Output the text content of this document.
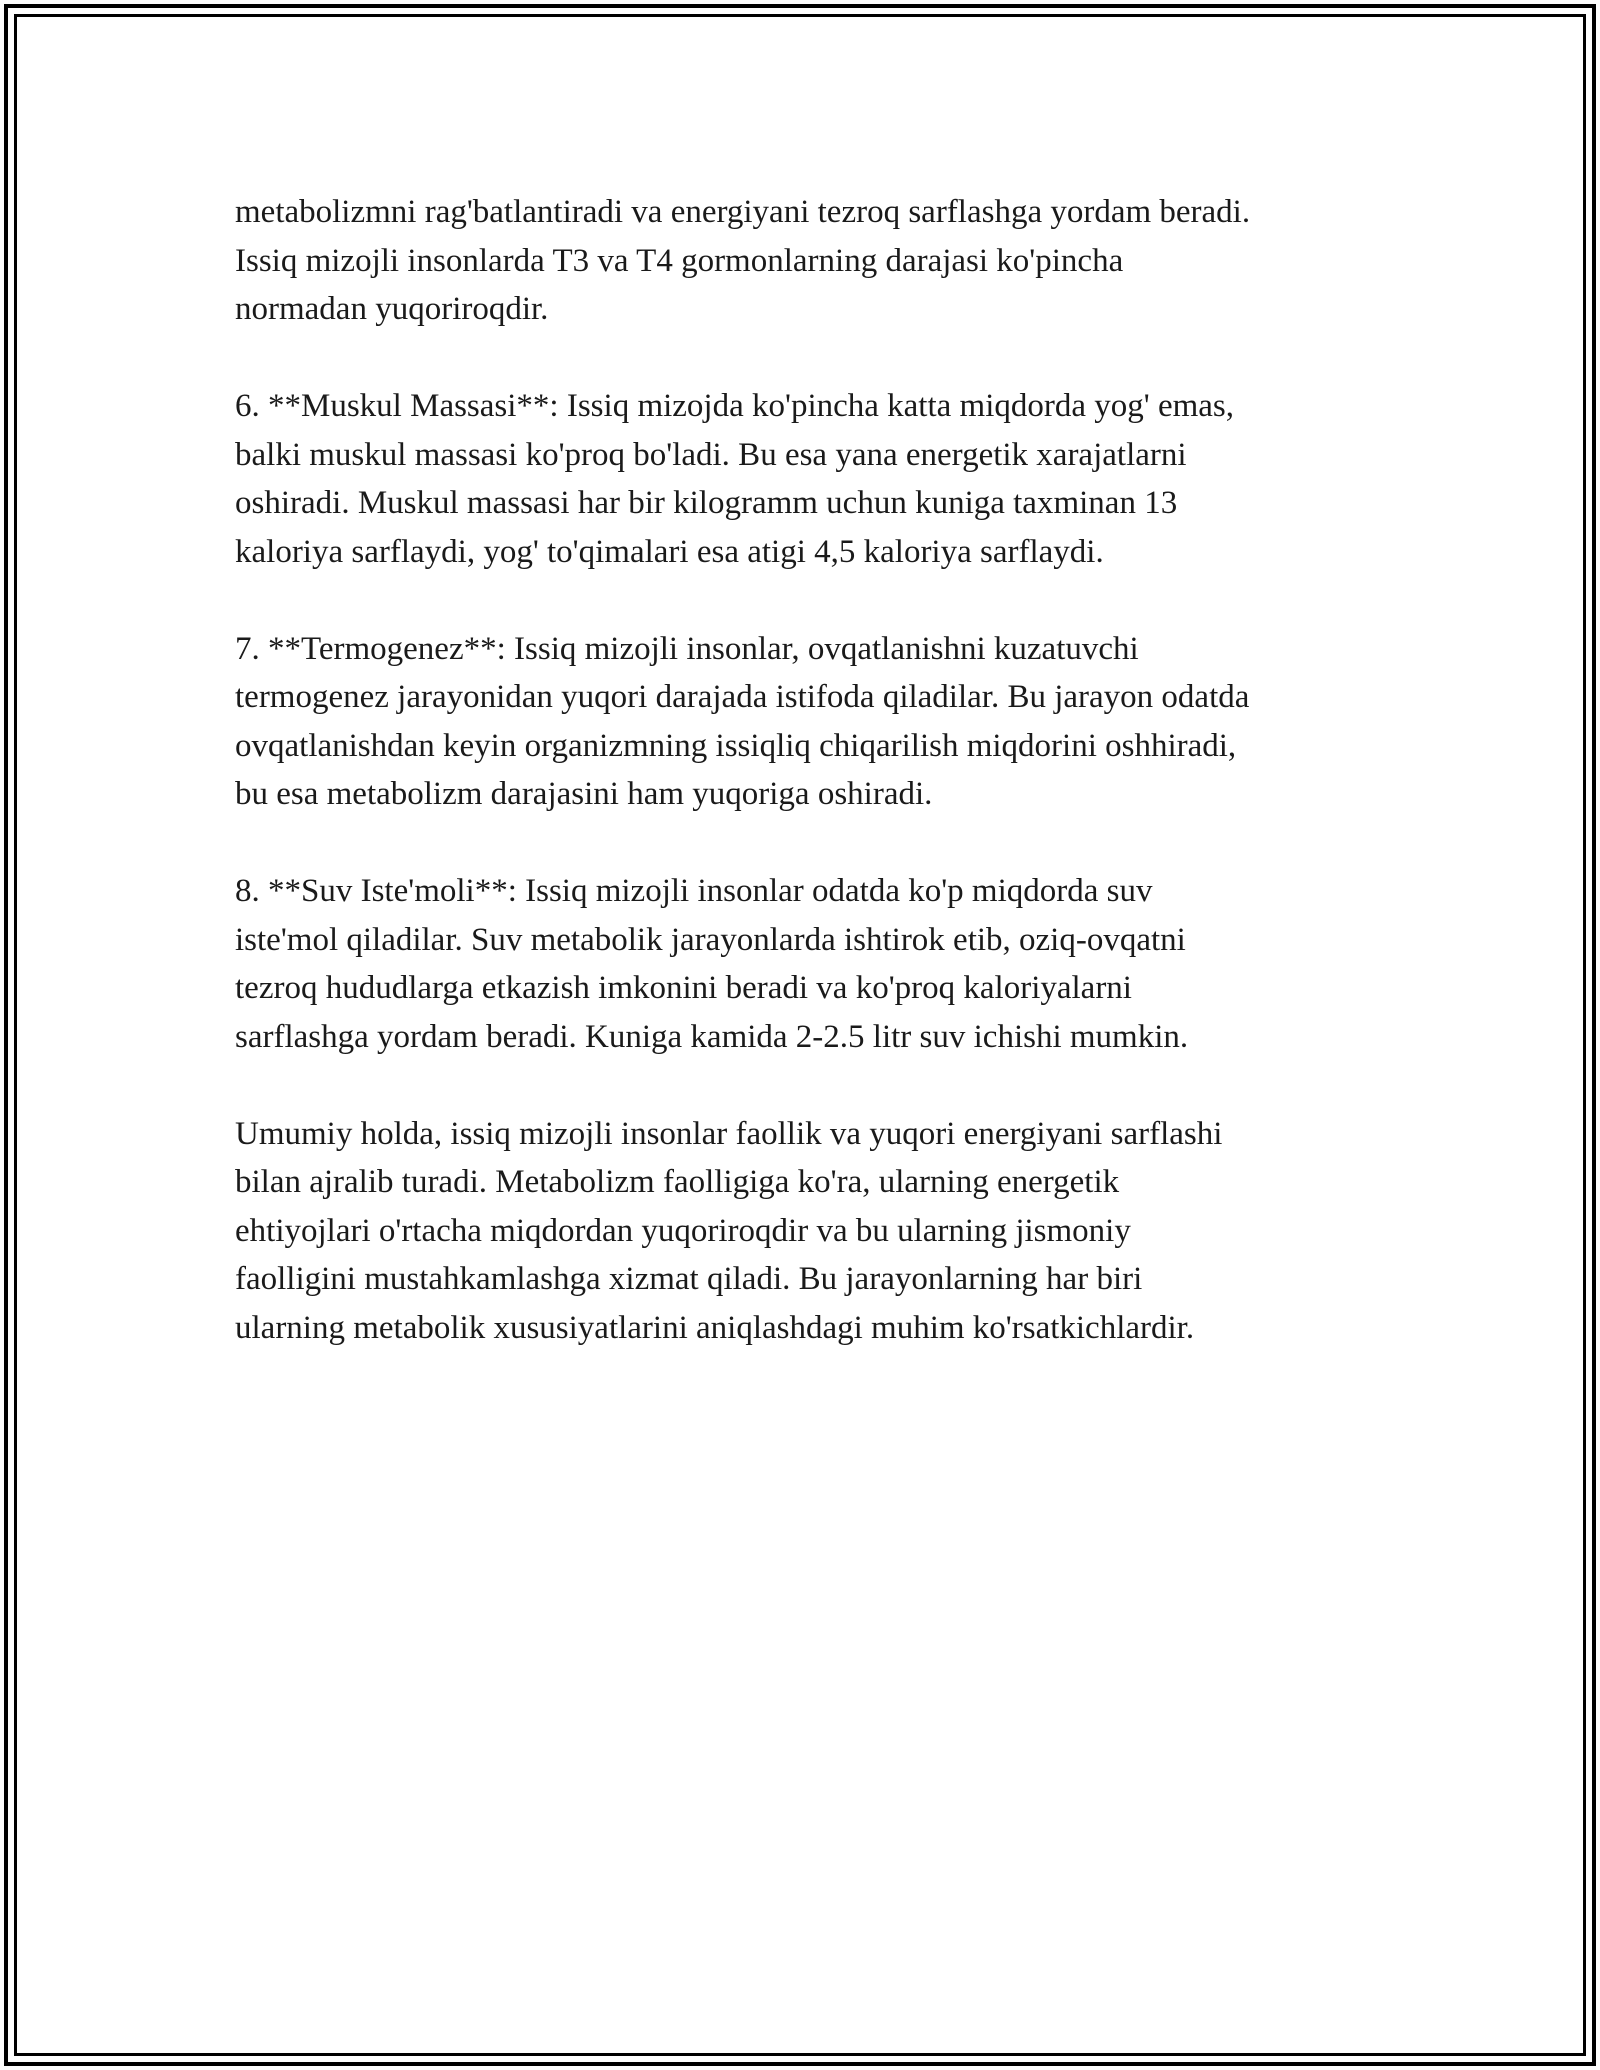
metabolizmni rag'batlantiradi va energiyani tezroq sarflashga yordam beradi.
Issiq mizojli insonlarda T3 va T4 gormonlarning darajasi ko'pincha
normadan yuqoriroqdir.
6. **Muskul Massasi**: Issiq mizojda ko'pincha katta miqdorda yog' emas,
balki muskul massasi ko'proq bo'ladi. Bu esa yana energetik xarajatlarni
oshiradi. Muskul massasi har bir kilogramm uchun kuniga taxminan 13
kaloriya sarflaydi, yog' to'qimalari esa atigi 4,5 kaloriya sarflaydi.
7. **Termogenez**: Issiq mizojli insonlar, ovqatlanishni kuzatuvchi
termogenez jarayonidan yuqori darajada istifoda qiladilar. Bu jarayon odatda
ovqatlanishdan keyin organizmning issiqliq chiqarilish miqdorini oshhiradi,
bu esa metabolizm darajasini ham yuqoriga oshiradi.
8. **Suv Iste'moli**: Issiq mizojli insonlar odatda ko'p miqdorda suv
iste'mol qiladilar. Suv metabolik jarayonlarda ishtirok etib, oziq-ovqatni
tezroq hududlarga etkazish imkonini beradi va ko'proq kaloriyalarni
sarflashga yordam beradi. Kuniga kamida 2-2.5 litr suv ichishi mumkin.
Umumiy holda, issiq mizojli insonlar faollik va yuqori energiyani sarflashi
bilan ajralib turadi. Metabolizm faolligiga ko'ra, ularning energetik
ehtiyojlari o'rtacha miqdordan yuqoriroqdir va bu ularning jismoniy
faolligini mustahkamlashga xizmat qiladi. Bu jarayonlarning har biri
ularning metabolik xususiyatlarini aniqlashdagi muhim ko'rsatkichlardir.
